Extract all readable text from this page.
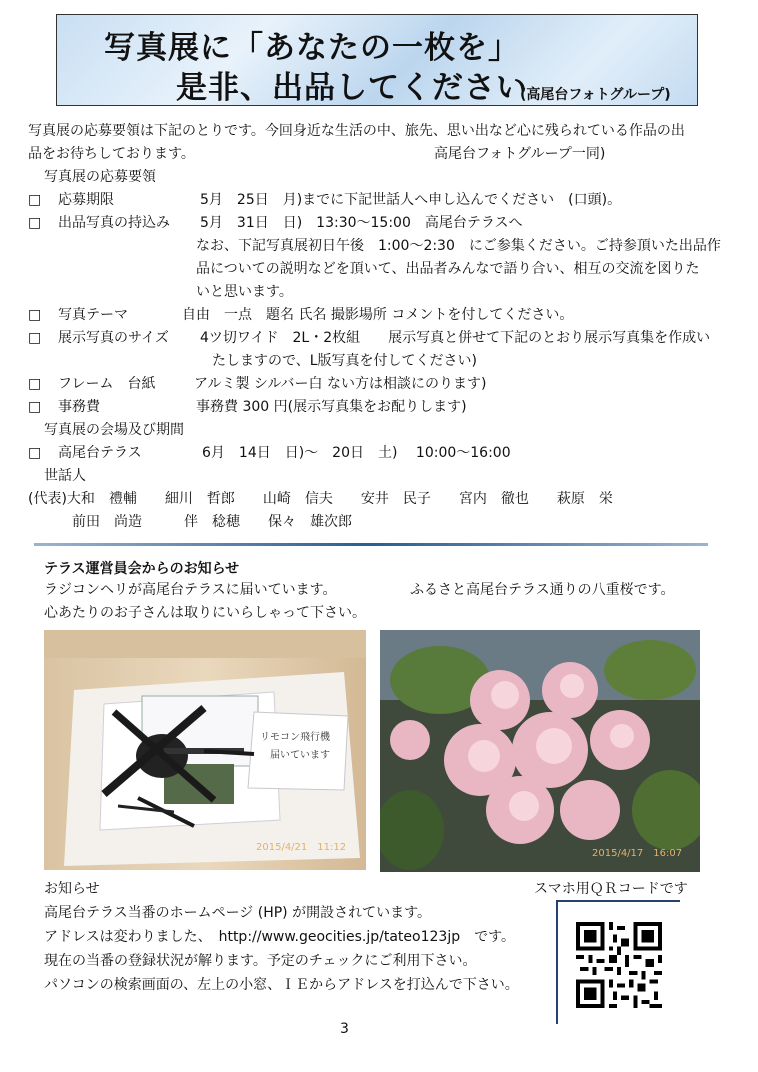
写真展に「あなたの一枚を」
是非、出品してください
(高尾台フォトグループ)
写真展の応募要領は下記のとりです。今回身近な生活の中、旅先、思い出など心に残られている作品の出
品をお待ちしております。	高尾台フォトグループ一同)
写真展の応募要領
□ 応募期限	5月　25日　月)までに下記世話人へ申し込んでください　(口頭)。
□ 出品写真の持込み 5月　31日　日)　13:30～15:00　高尾台テラスへ
なお、下記写真展初日午後　1:00～2:30　にご参集ください。ご持参頂いた出品作
品についての説明などを頂いて、出品者みんなで語り合い、相互の交流を図りた
いと思います。
□ 写真テーマ	自由　一点　題名 氏名 撮影場所 コメントを付してください。
□ 展示写真のサイズ 4ツ切ワイド　2L・2枚組　　展示写真と併せて下記のとおり展示写真集を作成い
たしますので、L版写真を付してください)
□ フレーム　台紙	アルミ製 シルバー白 ない方は相談にのります)
□ 事務費	事務費 300 円(展示写真集をお配りします)
写真展の会場及び期間
□ 高尾台テラス	6月　14日　日)～　20日　土)　 10:00～16:00
世話人
(代表)大和　禮輔　　細川　哲郎　　山崎　信夫　　安井　民子　　宮内　徹也　　萩原　栄
前田　尚造　　　伴　稔穂　　保々　雄次郎
テラス運営員会からのお知らせ
ラジコンヘリが高尾台テラスに届いています。
心あたりのお子さんは取りにいらしゃって下さい。
ふるさと高尾台テラス通りの八重桜です。
リモコン飛行機
届いています
2015/4/21　11:12
2015/4/17　16:07
お知らせ
高尾台テラス当番のホームページ (HP) が開設されています。
アドレスは変わりました、　http://www.geocities.jp/tateo123jp　です。
現在の当番の登録状況が解ります。予定のチェックにご利用下さい。
パソコンの検索画面の、左上の小窓、ＩＥからアドレスを打込んで下さい。
スマホ用ＱＲコードです
3
